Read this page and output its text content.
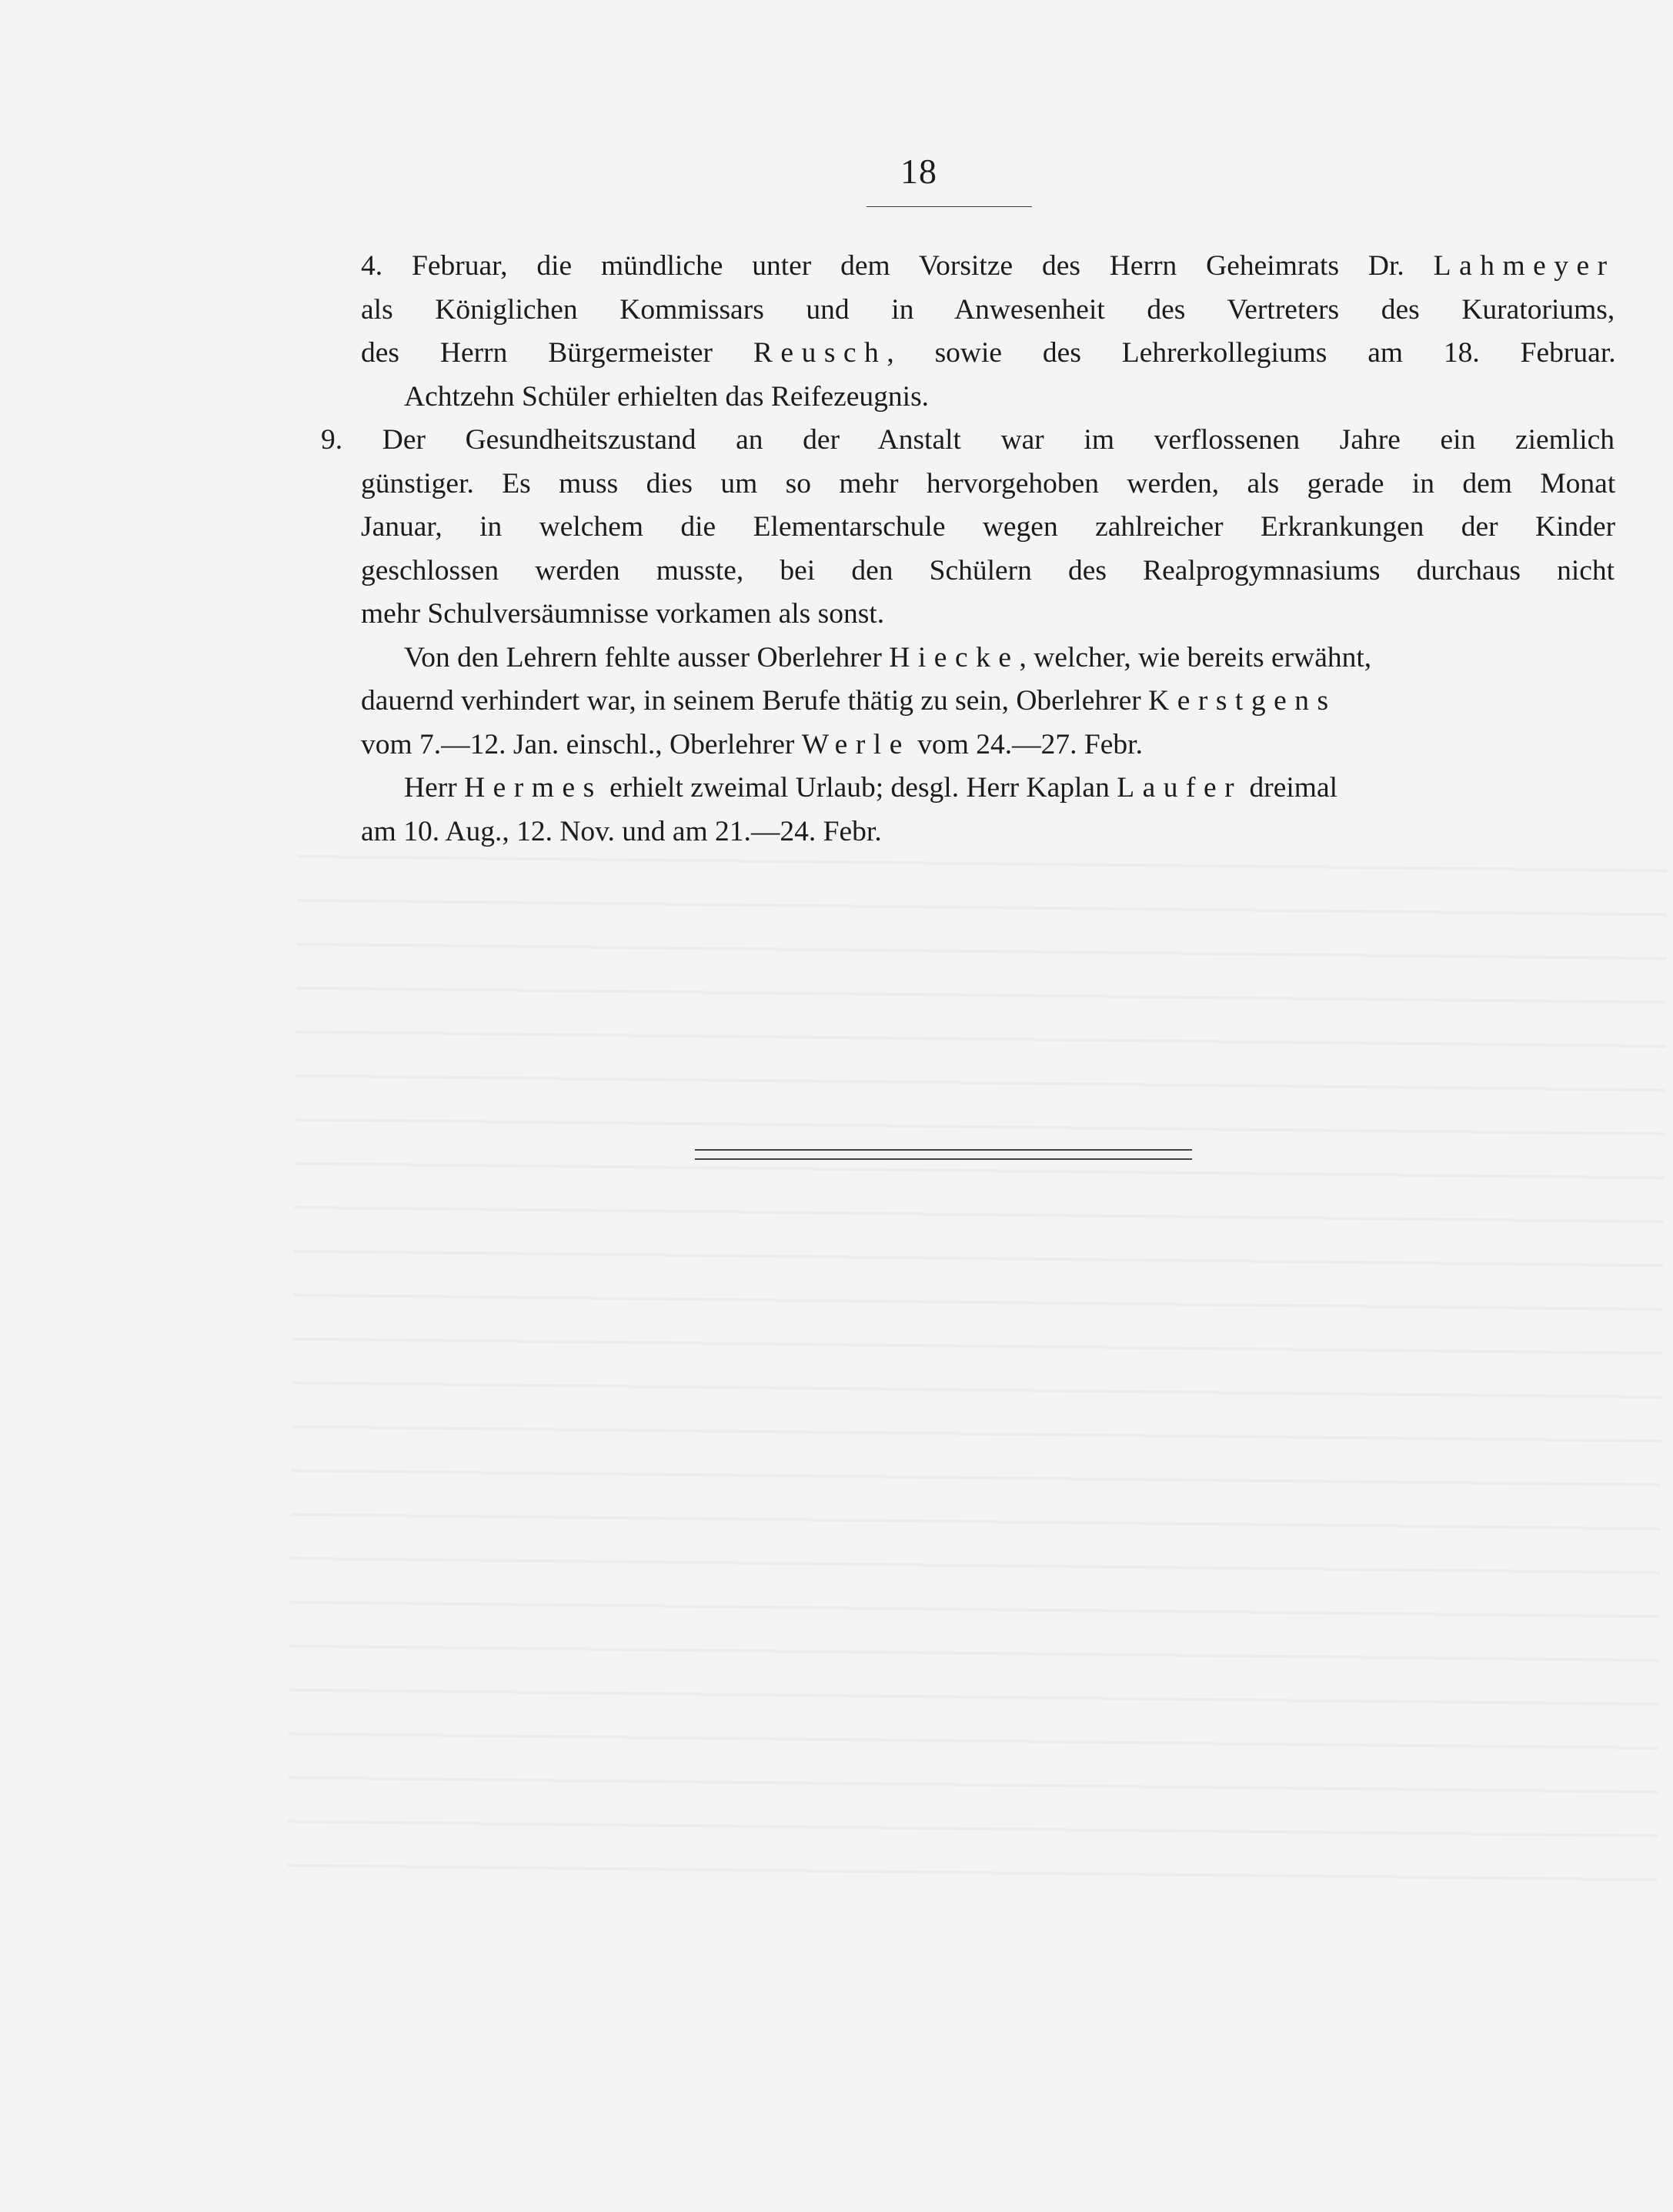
18
4. Februar, die mündliche unter dem Vorsitze des Herrn Geheimrats Dr. Lahmeyer
als Königlichen Kommissars und in Anwesenheit des Vertreters des Kuratoriums,
des Herrn Bürgermeister Reusch, sowie des Lehrerkollegiums am 18. Februar.
Achtzehn Schüler erhielten das Reifezeugnis.
9. Der Gesundheitszustand an der Anstalt war im verflossenen Jahre ein ziemlich
günstiger. Es muss dies um so mehr hervorgehoben werden, als gerade in dem Monat
Januar, in welchem die Elementarschule wegen zahlreicher Erkrankungen der Kinder
geschlossen werden musste, bei den Schülern des Realprogymnasiums durchaus nicht
mehr Schulversäumnisse vorkamen als sonst.
Von den Lehrern fehlte ausser Oberlehrer Hiecke, welcher, wie bereits erwähnt,
dauernd verhindert war, in seinem Berufe thätig zu sein, Oberlehrer Kerstgens
vom 7.—12. Jan. einschl., Oberlehrer Werle vom 24.—27. Febr.
Herr Hermes erhielt zweimal Urlaub; desgl. Herr Kaplan Laufer dreimal
am 10. Aug., 12. Nov. und am 21.—24. Febr.
